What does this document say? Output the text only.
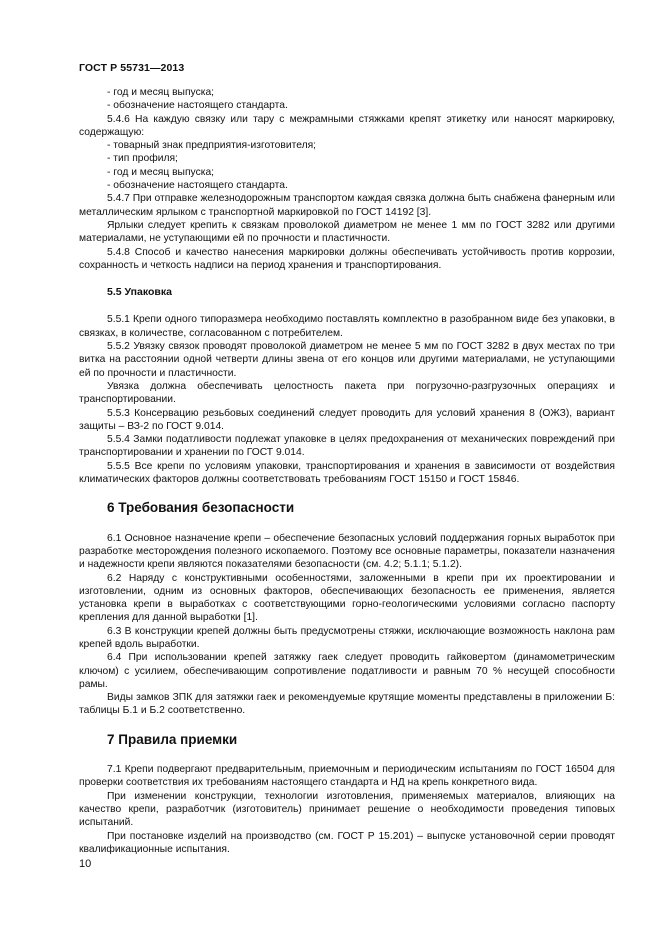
ГОСТ Р 55731—2013

- год и месяц выпуска;

- обозначение настоящего стандарта.

5.4.6 На каждую связку или тару с межрамными стяжками крепят этикетку или наносят маркировку, содержащую:

- товарный знак предприятия-изготовителя;

- тип профиля;

- год и месяц выпуска;

- обозначение настоящего стандарта.

5.4.7 При отправке железнодорожным транспортом каждая связка должна быть снабжена фанерным или металлическим ярлыком с транспортной маркировкой по ГОСТ 14192 [3].

Ярлыки следует крепить к связкам проволокой диаметром не менее 1 мм по ГОСТ 3282 или другими материалами, не уступающими ей по прочности и пластичности.

5.4.8 Способ и качество нанесения маркировки должны обеспечивать устойчивость против коррозии, сохранность и четкость надписи на период хранения и транспортирования.

5.5 Упаковка

5.5.1 Крепи одного типоразмера необходимо поставлять комплектно в разобранном виде без упаковки, в связках, в количестве, согласованном с потребителем.

5.5.2 Увязку связок проводят проволокой диаметром не менее 5 мм по ГОСТ 3282 в двух местах по три витка на расстоянии одной четверти длины звена от его концов или другими материалами, не уступающими ей по прочности и пластичности.

Увязка должна обеспечивать целостность пакета при погрузочно-разгрузочных операциях и транспортировании.

5.5.3 Консервацию резьбовых соединений следует проводить для условий хранения 8 (ОЖЗ), вариант защиты – ВЗ-2 по ГОСТ 9.014.

5.5.4 Замки податливости подлежат упаковке в целях предохранения от механических повреждений при транспортировании и хранении по ГОСТ 9.014.

5.5.5 Все крепи по условиям упаковки, транспортирования и хранения в зависимости от воздействия климатических факторов должны соответствовать требованиям ГОСТ 15150 и ГОСТ 15846.

6 Требования безопасности

6.1 Основное назначение крепи – обеспечение безопасных условий поддержания горных выработок при разработке месторождения полезного ископаемого. Поэтому все основные параметры, показатели назначения и надежности крепи являются показателями безопасности (см. 4.2; 5.1.1; 5.1.2).

6.2 Наряду с конструктивными особенностями, заложенными в крепи при их проектировании и изготовлении, одним из основных факторов, обеспечивающих безопасность ее применения, является установка крепи в выработках с соответствующими горно-геологическими условиями согласно паспорту крепления для данной выработки [1].

6.3 В конструкции крепей должны быть предусмотрены стяжки, исключающие возможность наклона рам крепей вдоль выработки.

6.4 При использовании крепей затяжку гаек следует проводить гайковертом (динамометрическим ключом) с усилием, обеспечивающим сопротивление податливости и равным 70 % несущей способности рамы.

Виды замков ЗПК для затяжки гаек и рекомендуемые крутящие моменты представлены в приложении Б: таблицы Б.1 и Б.2 соответственно.

7 Правила приемки

7.1 Крепи подвергают предварительным, приемочным и периодическим испытаниям по ГОСТ 16504 для проверки соответствия их требованиям настоящего стандарта и НД на крепь конкретного вида.

При изменении конструкции, технологии изготовления, применяемых материалов, влияющих на качество крепи, разработчик (изготовитель) принимает решение о необходимости проведения типовых испытаний.

При постановке изделий на производство (см. ГОСТ Р 15.201) – выпуске установочной серии проводят квалификационные испытания.

10
